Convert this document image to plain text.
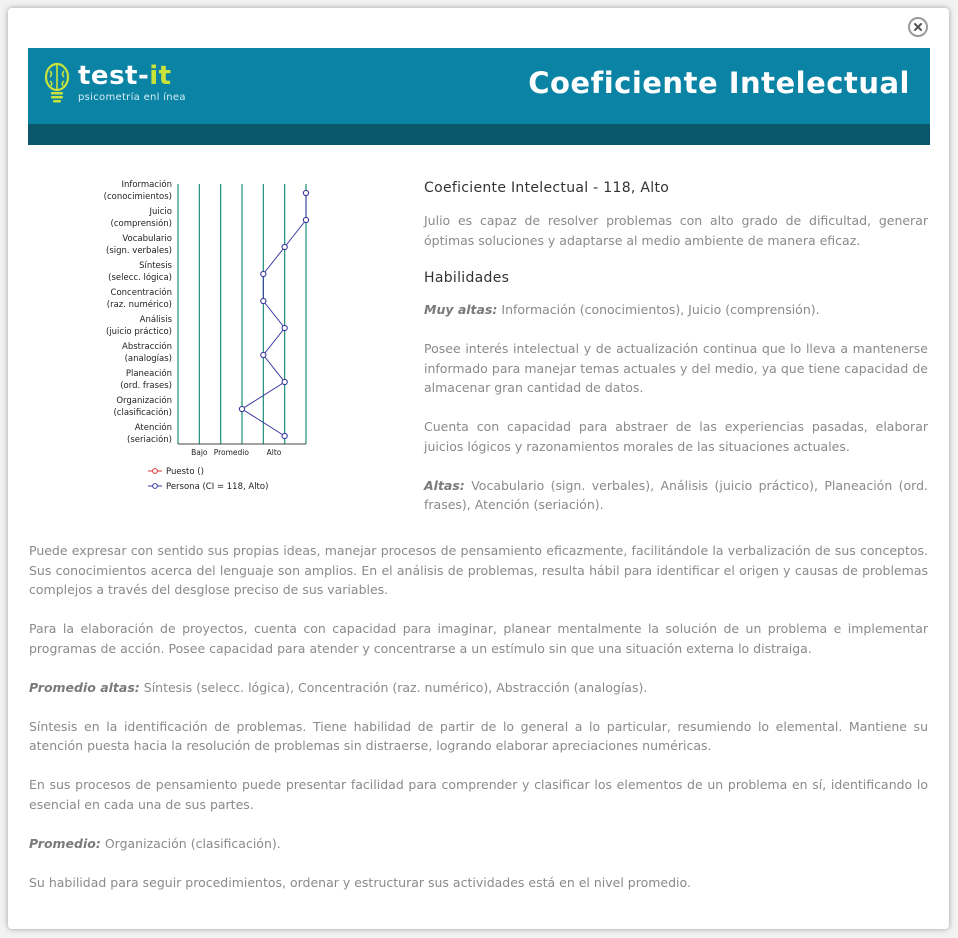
test-it
psicometría enl ínea	Coeficiente Intelectual
Información
(conocimientos)
Juicio
(comprensión)
Vocabulario
(sign. verbales)
Síntesis
(selecc. lógica)
Concentración
(raz. numérico)
Análisis
(juicio práctico)
Abstracción
(analogías)
Planeación
(ord. frases)
Organización
(clasificación)
Atención
(seriación)
Bajo Promedio Alto
Puesto ()
Persona (CI = 118, Alto)
Coeficiente Intelectual - 118, Alto

Julio es capaz de resolver problemas con alto grado de dificultad, generar óptimas soluciones y adaptarse al medio ambiente de manera eficaz.

Habilidades

Muy altas: Información (conocimientos), Juicio (comprensión).

Posee interés intelectual y de actualización continua que lo lleva a mantenerse informado para manejar temas actuales y del medio, ya que tiene capacidad de almacenar gran cantidad de datos.

Cuenta con capacidad para abstraer de las experiencias pasadas, elaborar juicios lógicos y razonamientos morales de las situaciones actuales.

Altas: Vocabulario (sign. verbales), Análisis (juicio práctico), Planeación (ord. frases), Atención (seriación).

Puede expresar con sentido sus propias ideas, manejar procesos de pensamiento eficazmente, facilitándole la verbalización de sus conceptos. Sus conocimientos acerca del lenguaje son amplios. En el análisis de problemas, resulta hábil para identificar el origen y causas de problemas complejos a través del desglose preciso de sus variables.

Para la elaboración de proyectos, cuenta con capacidad para imaginar, planear mentalmente la solución de un problema e implementar programas de acción. Posee capacidad para atender y concentrarse a un estímulo sin que una situación externa lo distraiga.

Promedio altas: Síntesis (selecc. lógica), Concentración (raz. numérico), Abstracción (analogías).

Síntesis en la identificación de problemas. Tiene habilidad de partir de lo general a lo particular, resumiendo lo elemental. Mantiene su atención puesta hacia la resolución de problemas sin distraerse, logrando elaborar apreciaciones numéricas.

En sus procesos de pensamiento puede presentar facilidad para comprender y clasificar los elementos de un problema en sí, identificando lo esencial en cada una de sus partes.

Promedio: Organización (clasificación).

Su habilidad para seguir procedimientos, ordenar y estructurar sus actividades está en el nivel promedio.
